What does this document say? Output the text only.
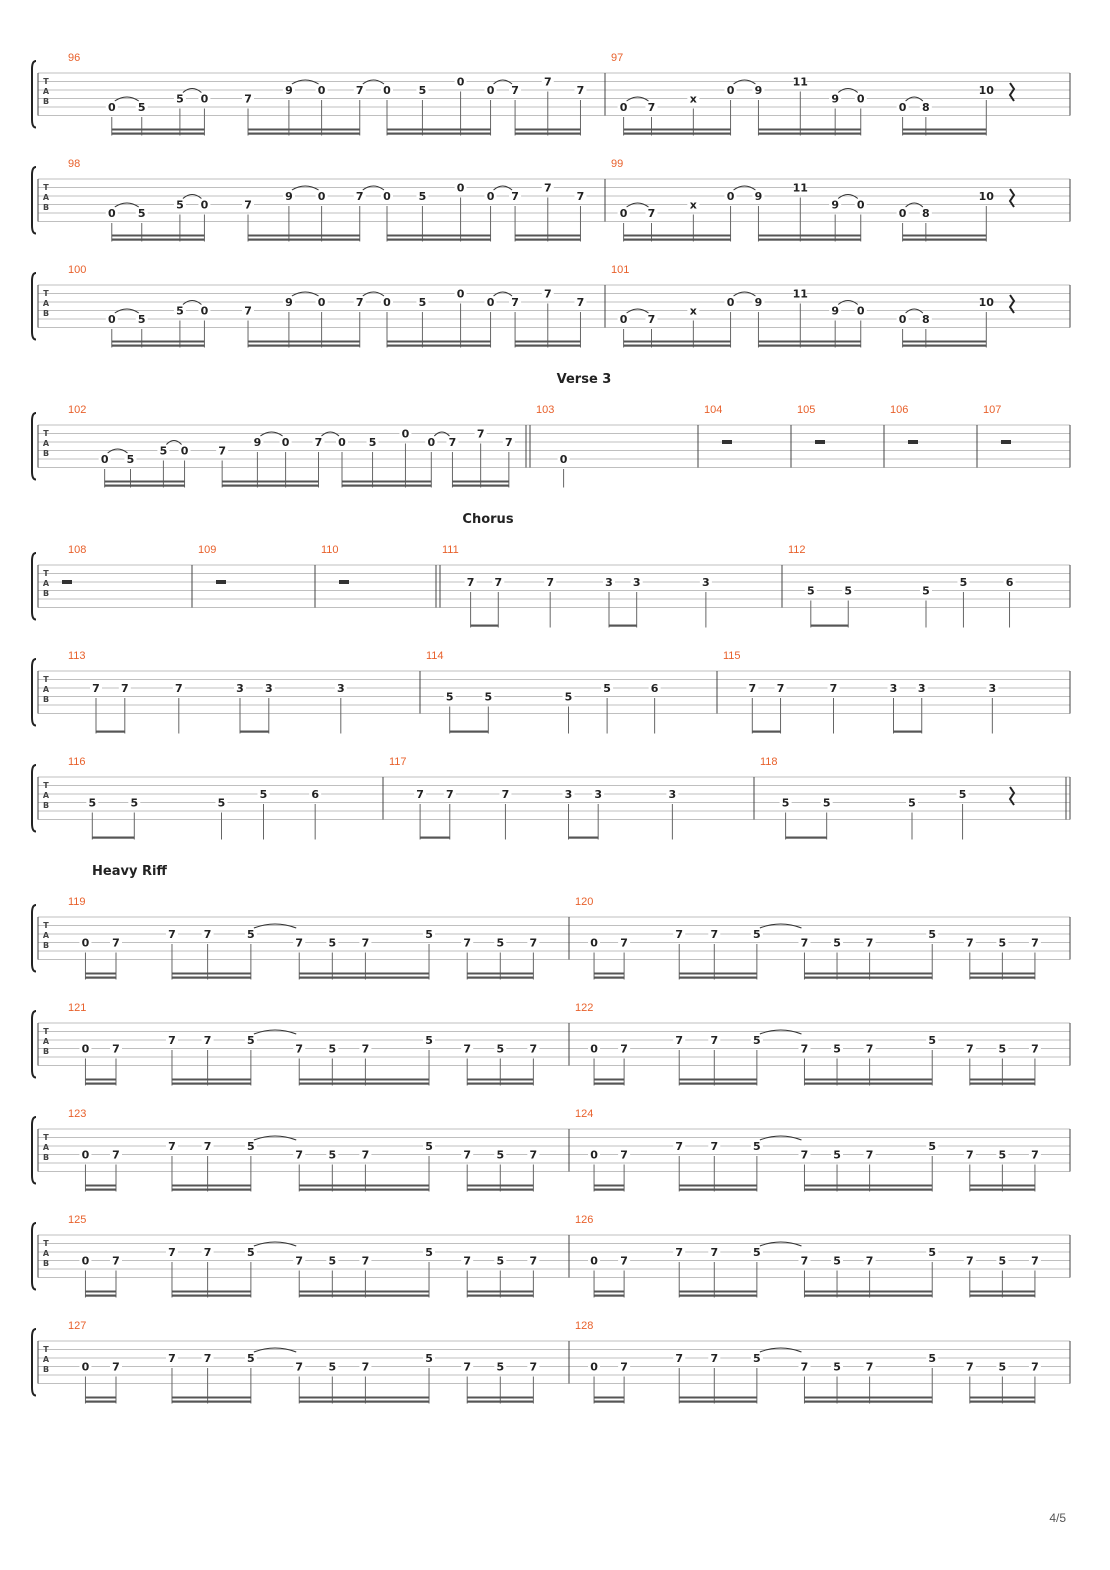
T
A
B
96
0 5
5 0	7
9 0	7 0	5
0
0 7
7
7
97
0 7
x
0 9
11
9 0
0 8
10
T
A
B
98
0 5
5 0	7
9 0	7 0	5
0
0 7
7
7
99
0 7
x
0 9
11
9 0
0 8
10
T
A
B
100
0 5
5 0	7
9 0	7 0	5
0
0 7
7
7
101
0 7
x
0 9
11
9 0
0 8
10
Verse 3
T
A
B
102
0 5
5 0	7
9 0 7 0 5
0
0 7
7
7
103
0
104	105	106	107
Chorus
T
A
B
108	109	110	111
7 7	7	3 3	3
112
5	5	5
5	6
T
A
B
113
7 7	7	3 3	3
114
5	5	5
5	6
115
7 7	7	3 3	3
T
A
B
116
5	5	5
5	6
117
7 7	7	3 3	3
118
5	5	5
5
Heavy Riff
T
A
B
119
0 7
7	7	5
7 5 7
5
7 5 7
120
0 7
7 7	5
7 5 7
5
7 5 7
T
A
B
121
0 7
7	7	5
7 5 7
5
7 5 7
122
0 7
7 7	5
7 5 7
5
7 5 7
T
A
B
123
0 7
7	7	5
7 5 7
5
7 5 7
124
0 7
7 7	5
7 5 7
5
7 5 7
T
A
B
125
0 7
7	7	5
7 5 7
5
7 5 7
126
0 7
7 7	5
7 5 7
5
7 5 7
T
A
B
127
0 7
7	7	5
7 5 7
5
7 5 7
128
0 7
7 7	5
7 5 7
5
7 5 7
4/5
